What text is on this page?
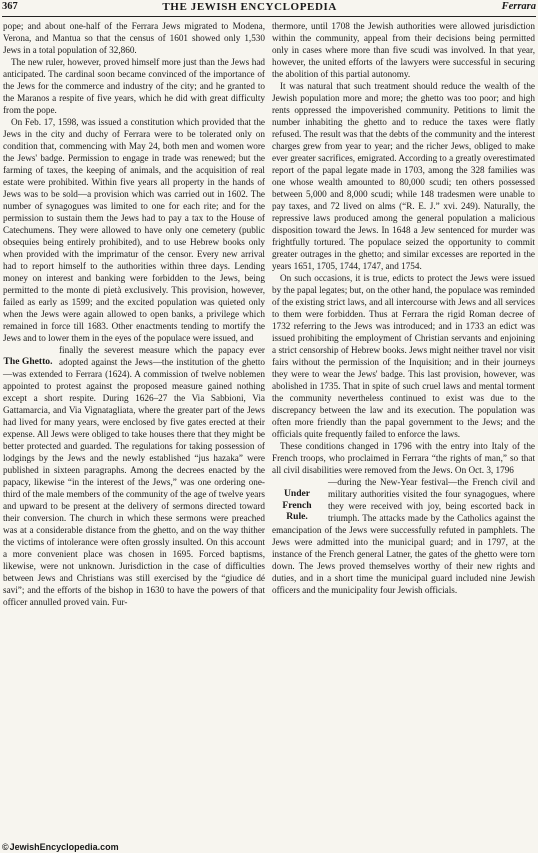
367	THE JEWISH ENCYCLOPEDIA	Ferrara

pope; and about one-half of the Ferrara Jews migrated to Modena, Verona, and Mantua so that the census of 1601 showed only 1,530 Jews in a total population of 32,860.

The new ruler, however, proved himself more just than the Jews had anticipated. The cardinal soon became convinced of the importance of the Jews for the commerce and industry of the city; and he granted to the Maranos a respite of five years, which he did with great difficulty from the pope.

On Feb. 17, 1598, was issued a constitution which provided that the Jews in the city and duchy of Ferrara were to be tolerated only on condition that, commencing with May 24, both men and women wore the Jews' badge. Permission to engage in trade was renewed; but the farming of taxes, the keeping of animals, and the acquisition of real estate were prohibited. Within five years all property in the hands of Jews was to be sold—a provision which was carried out in 1602. The number of synagogues was limited to one for each rite; and for the permission to sustain them the Jews had to pay a tax to the House of Catechumens. They were allowed to have only one cemetery (public obsequies being entirely prohibited), and to use Hebrew books only when provided with the imprimatur of the censor. Every new arrival had to report himself to the authorities within three days. Lending money on interest and banking were forbidden to the Jews, being permitted to the monte di pietà exclusively. This provision, however, failed as early as 1599; and the excited population was quieted only when the Jews were again allowed to open banks, a privilege which remained in force till 1683. Other enactments tending to mortify the Jews and to lower them in the eyes of the populace were issued, and

The Ghetto.

finally the severest measure which the papacy ever adopted against the Jews—the institution of the ghetto—was extended to Ferrara (1624). A commission of twelve noblemen appointed to protest against the proposed measure gained nothing except a short respite. During 1626–27 the Via Sabbioni, Via Gattamarcia, and Via Vignatagliata, where the greater part of the Jews had lived for many years, were enclosed by five gates erected at their expense. All Jews were obliged to take houses there that they might be better protected and guarded. The regulations for taking possession of lodgings by the Jews and the newly established “jus hazaka” were published in sixteen paragraphs. Among the decrees enacted by the papacy, likewise “in the interest of the Jews,” was one ordering one-third of the male members of the community of the age of twelve years and upward to be present at the delivery of sermons directed toward their conversion. The church in which these sermons were preached was at a considerable distance from the ghetto, and on the way thither the victims of intolerance were often grossly insulted. On this account a more convenient place was chosen in 1695. Forced baptisms, likewise, were not unknown. Jurisdiction in the case of difficulties between Jews and Christians was still exercised by the “giudice dé savi”; and the efforts of the bishop in 1630 to have the powers of that officer annulled proved vain. Fur-

thermore, until 1708 the Jewish authorities were allowed jurisdiction within the community, appeal from their decisions being permitted only in cases where more than five scudi was involved. In that year, however, the united efforts of the lawyers were successful in securing the abolition of this partial autonomy.

It was natural that such treatment should reduce the wealth of the Jewish population more and more; the ghetto was too poor; and high rents oppressed the impoverished community. Petitions to limit the number inhabiting the ghetto and to reduce the taxes were flatly refused. The result was that the debts of the community and the interest charges grew from year to year; and the richer Jews, obliged to make ever greater sacrifices, emigrated. According to a greatly overestimated report of the papal legate made in 1703, among the 328 families was one whose wealth amounted to 80,000 scudi; ten others possessed between 5,000 and 8,000 scudi; while 148 tradesmen were unable to pay taxes, and 72 lived on alms (“R. E. J.” xvi. 249). Naturally, the repressive laws produced among the general population a malicious disposition toward the Jews. In 1648 a Jew sentenced for murder was frightfully tortured. The populace seized the opportunity to commit greater outrages in the ghetto; and similar excesses are reported in the years 1651, 1705, 1744, 1747, and 1754.

On such occasions, it is true, edicts to protect the Jews were issued by the papal legates; but, on the other hand, the populace was reminded of the existing strict laws, and all intercourse with Jews and all services to them were forbidden. Thus at Ferrara the rigid Roman decree of 1732 referring to the Jews was introduced; and in 1733 an edict was issued prohibiting the employment of Christian servants and enjoining a strict censorship of Hebrew books. Jews might neither travel nor visit fairs without the permission of the Inquisition; and in their journeys they were to wear the Jews' badge. This last provision, however, was abolished in 1735. That in spite of such cruel laws and mental torment the community nevertheless continued to exist was due to the discrepancy between the law and its execution. The population was often more friendly than the papal government to the Jews; and the officials quite frequently failed to enforce the laws.

These conditions changed in 1796 with the entry into Italy of the French troops, who proclaimed in Ferrara “the rights of man,” so that all civil disabilities were removed from the Jews. On Oct. 3, 1796

Under French Rule.

—during the New-Year festival—the French civil and military authorities visited the four synagogues, where they were received with joy, being escorted back in triumph. The attacks made by the Catholics against the emancipation of the Jews were successfully refuted in pamphlets. The Jews were admitted into the municipal guard; and in 1797, at the instance of the French general Latner, the gates of the ghetto were torn down. The Jews proved themselves worthy of their new rights and duties, and in a short time the municipal guard included nine Jewish officers and the municipality four Jewish officials.

©JewishEncyclopedia.com
